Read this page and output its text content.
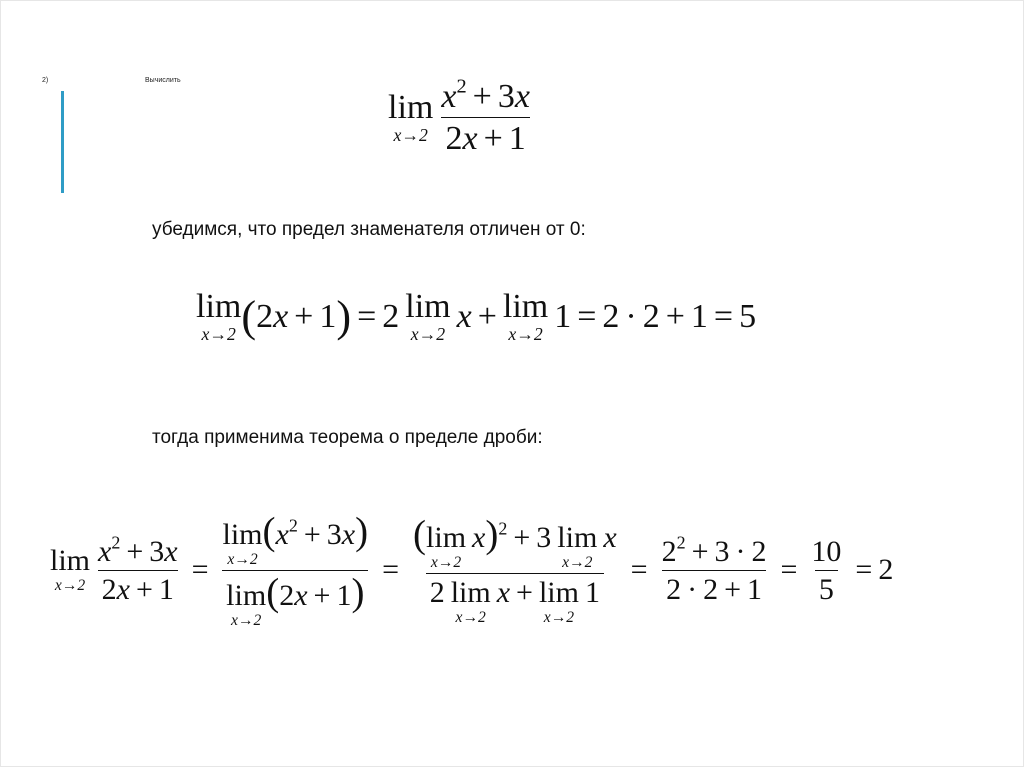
2)	Вычислить
lim
$x\to 2 \frac{x^2 + 3x}{2x + 1}$
убедимся, что предел знаменателя отличен от 0:
lim
x→2 ( 2 x + 1 ) = 2 lim
x→2 x + lim
x→2 1 = 2 · 2 + 1 = 5
тогда применима теорема о пределе дроби:
lim
$x\to 2 \frac{x^2 + 3x}{2x + 1} = \lim$
x→2
$(x^2 + 3x)$
lim
x→2
(2x + 1) = ( lim
x→2
x)$^2$ + 3 lim
x→2
x
2 lim
x→2
x + lim
x→2
$1 = \frac{2^2 + 3 \cdot 2}{2 \cdot 2 + 1} = \frac{10}{5} = 2$
